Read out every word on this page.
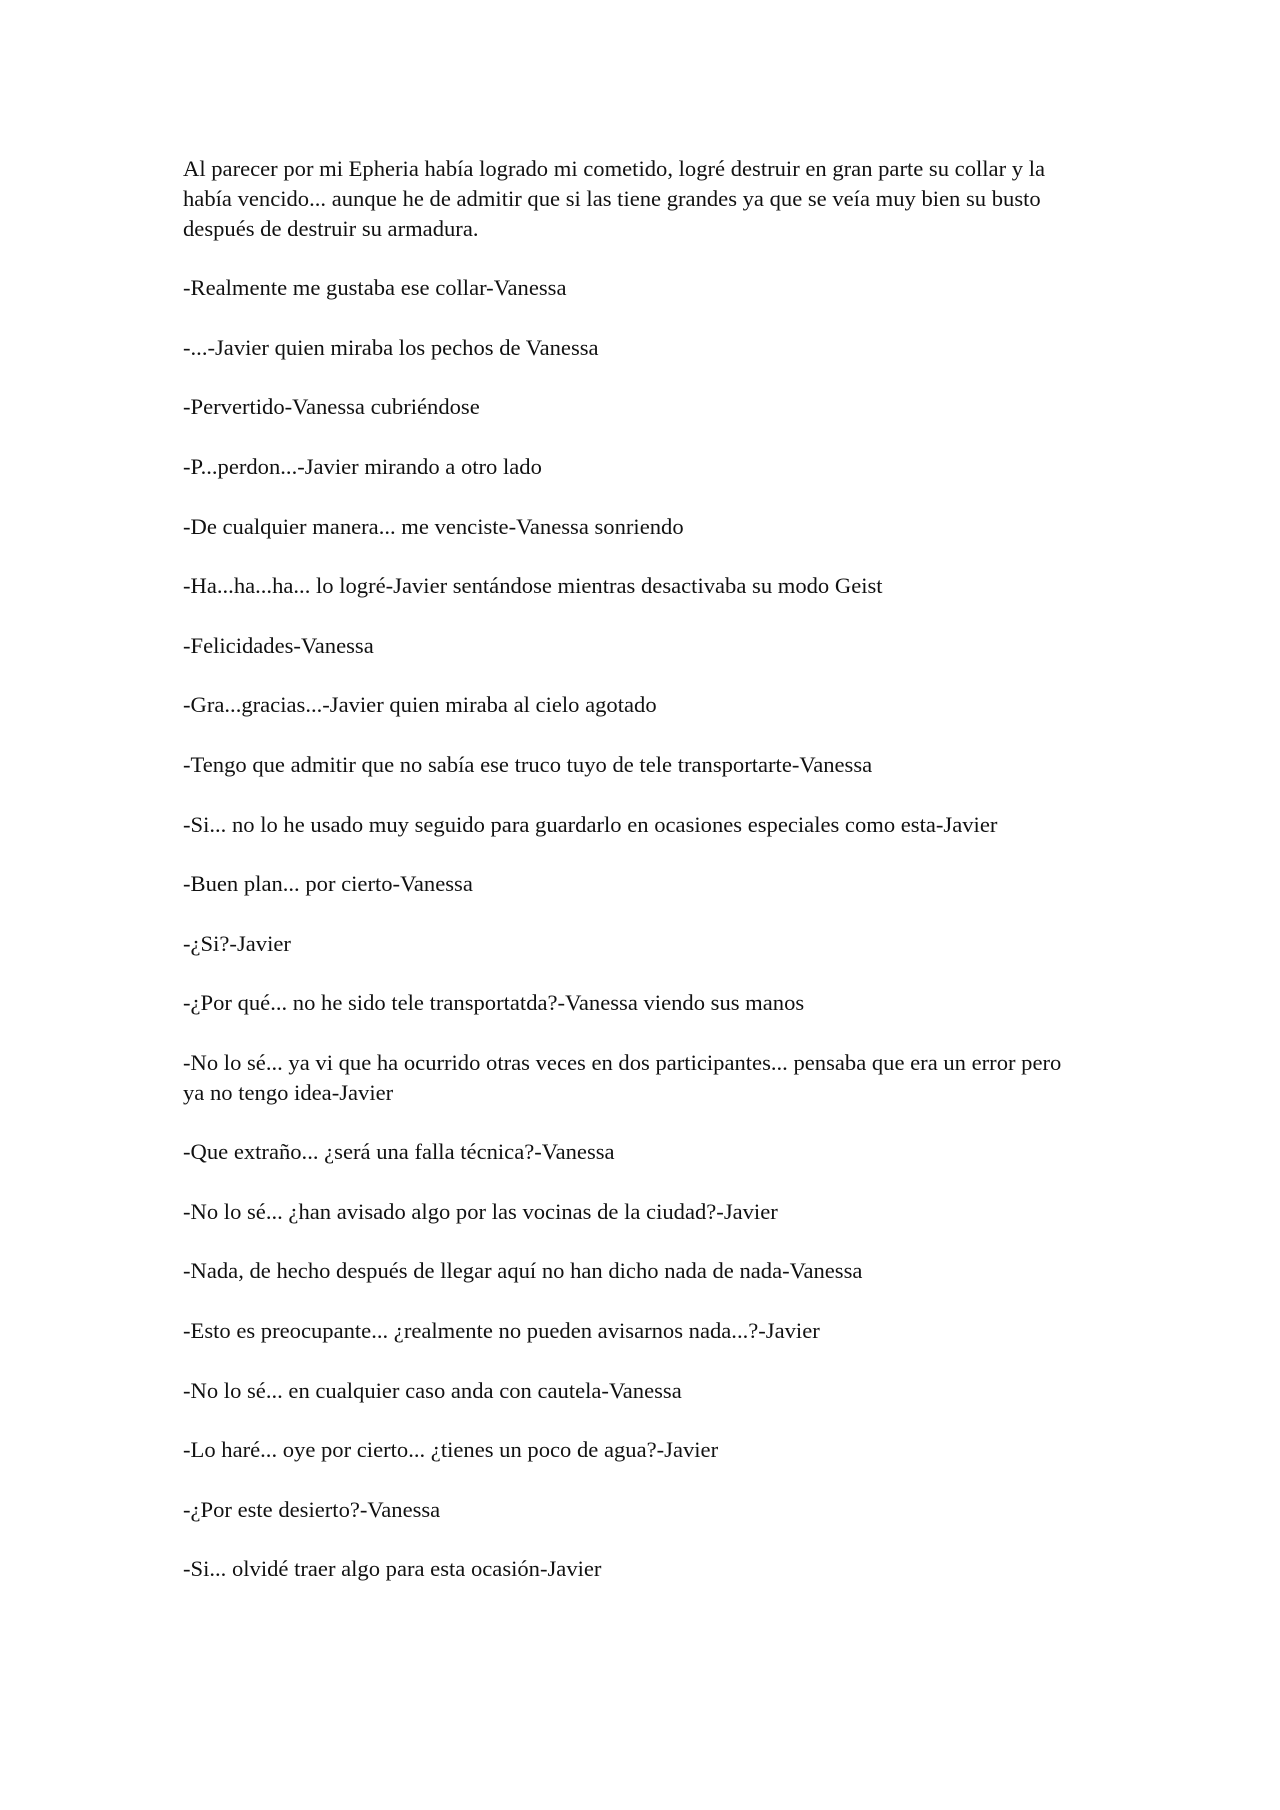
Al parecer por mi Epheria había logrado mi cometido, logré destruir en gran parte su collar y la había vencido... aunque he de admitir que si las tiene grandes ya que se veía muy bien su busto después de destruir su armadura.

-Realmente me gustaba ese collar-Vanessa

-...-Javier quien miraba los pechos de Vanessa

-Pervertido-Vanessa cubriéndose

-P...perdon...-Javier mirando a otro lado

-De cualquier manera... me venciste-Vanessa sonriendo

-Ha...ha...ha... lo logré-Javier sentándose mientras desactivaba su modo Geist

-Felicidades-Vanessa

-Gra...gracias...-Javier quien miraba al cielo agotado

-Tengo que admitir que no sabía ese truco tuyo de tele transportarte-Vanessa

-Si... no lo he usado muy seguido para guardarlo en ocasiones especiales como esta-Javier

-Buen plan... por cierto-Vanessa

-¿Si?-Javier

-¿Por qué... no he sido tele transportatda?-Vanessa viendo sus manos

-No lo sé... ya vi que ha ocurrido otras veces en dos participantes... pensaba que era un error pero ya no tengo idea-Javier

-Que extraño... ¿será una falla técnica?-Vanessa

-No lo sé... ¿han avisado algo por las vocinas de la ciudad?-Javier

-Nada, de hecho después de llegar aquí no han dicho nada de nada-Vanessa

-Esto es preocupante... ¿realmente no pueden avisarnos nada...?-Javier

-No lo sé... en cualquier caso anda con cautela-Vanessa

-Lo haré... oye por cierto... ¿tienes un poco de agua?-Javier

-¿Por este desierto?-Vanessa

-Si... olvidé traer algo para esta ocasión-Javier
